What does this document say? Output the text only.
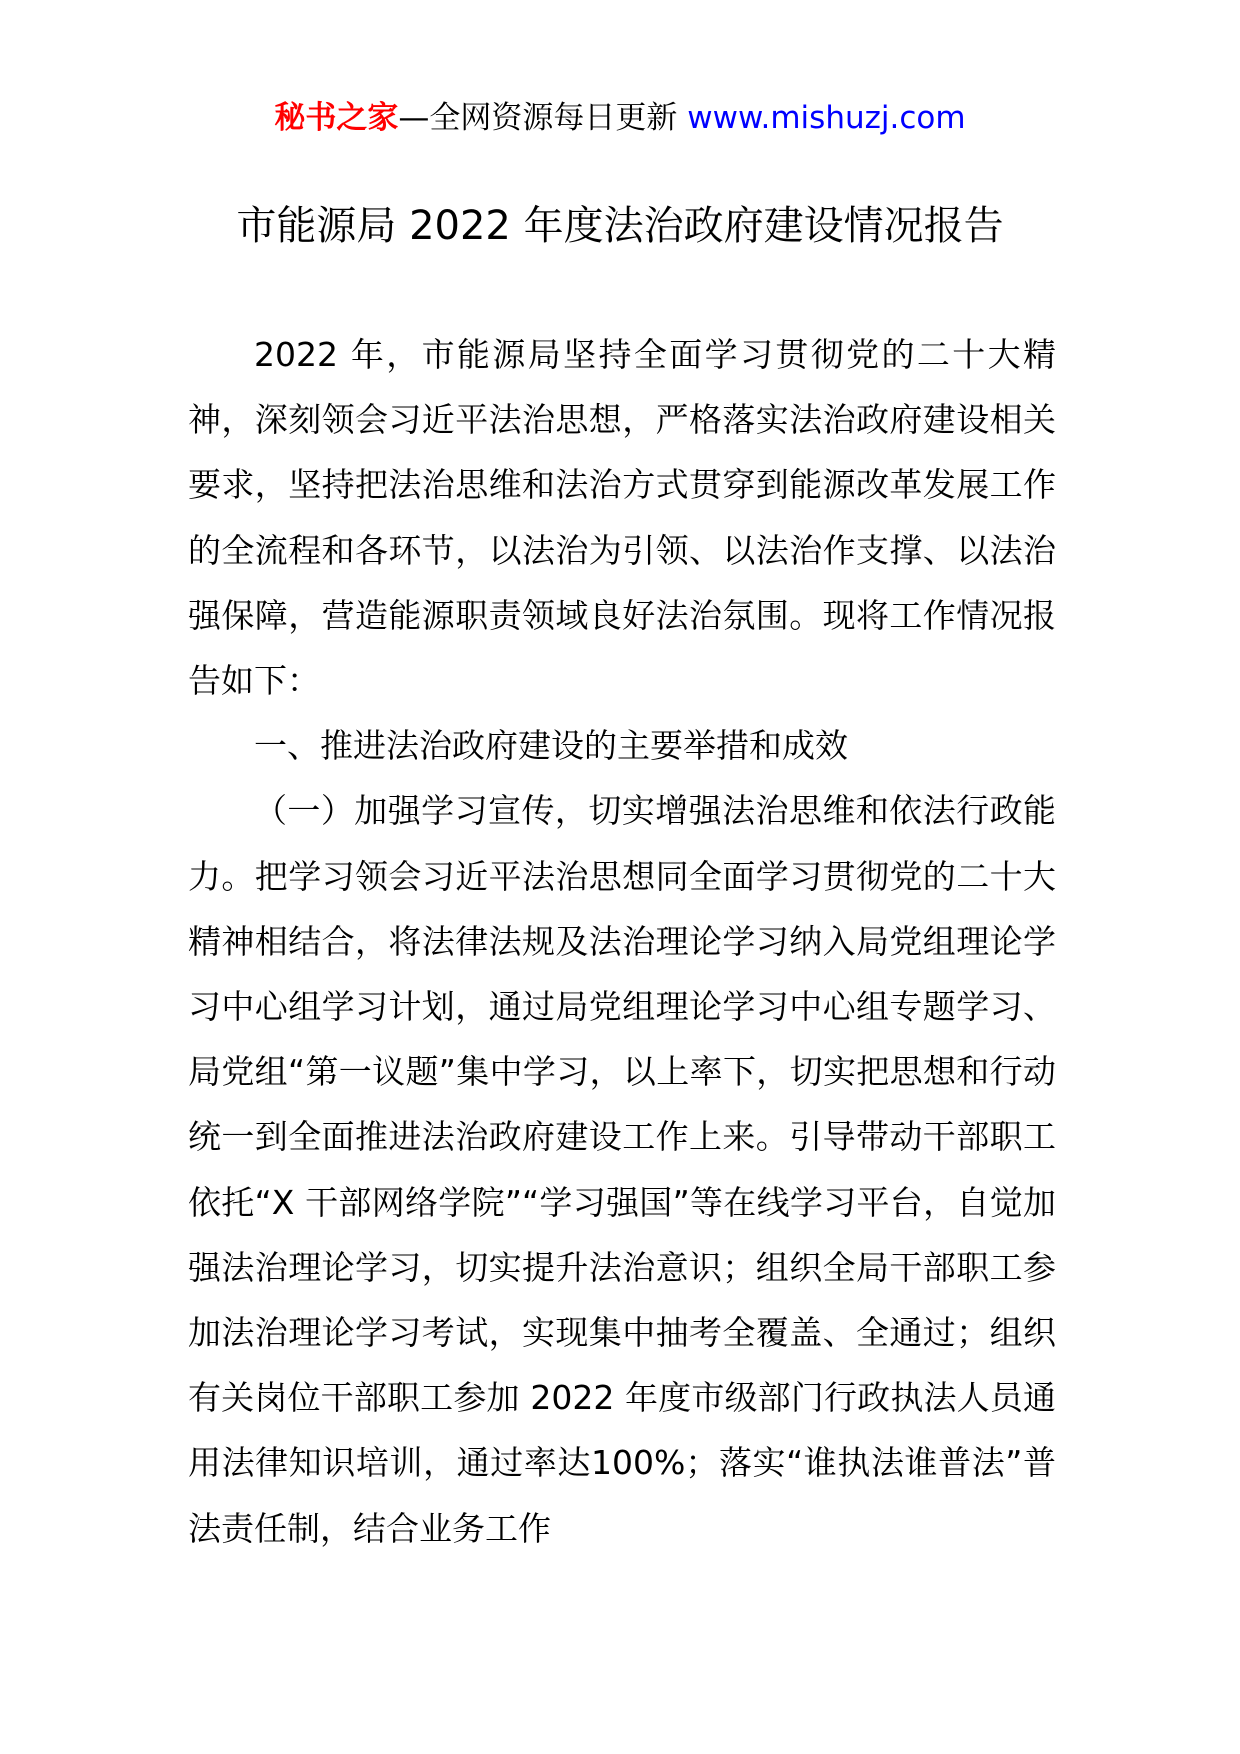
秘书之家—全网资源每日更新 www.mishuzj.com
市能源局 2022 年度法治政府建设情况报告

2022 年，市能源局坚持全面学习贯彻党的二十大精神，深刻领会习近平法治思想，严格落实法治政府建设相关要求，坚持把法治思维和法治方式贯穿到能源改革发展工作的全流程和各环节，以法治为引领、以法治作支撑、以法治强保障，营造能源职责领域良好法治氛围。现将工作情况报告如下：

一、推进法治政府建设的主要举措和成效

（一）加强学习宣传，切实增强法治思维和依法行政能力。把学习领会习近平法治思想同全面学习贯彻党的二十大精神相结合，将法律法规及法治理论学习纳入局党组理论学习中心组学习计划，通过局党组理论学习中心组专题学习、局党组“第一议题”集中学习，以上率下，切实把思想和行动统一到全面推进法治政府建设工作上来。引导带动干部职工依托“X 干部网络学院”“学习强国”等在线学习平台，自觉加强法治理论学习，切实提升法治意识；组织全局干部职工参加法治理论学习考试，实现集中抽考全覆盖、全通过；组织有关岗位干部职工参加 2022 年度市级部门行政执法人员通用法律知识培训，通过率达100%；落实“谁执法谁普法”普法责任制，结合业务工作
